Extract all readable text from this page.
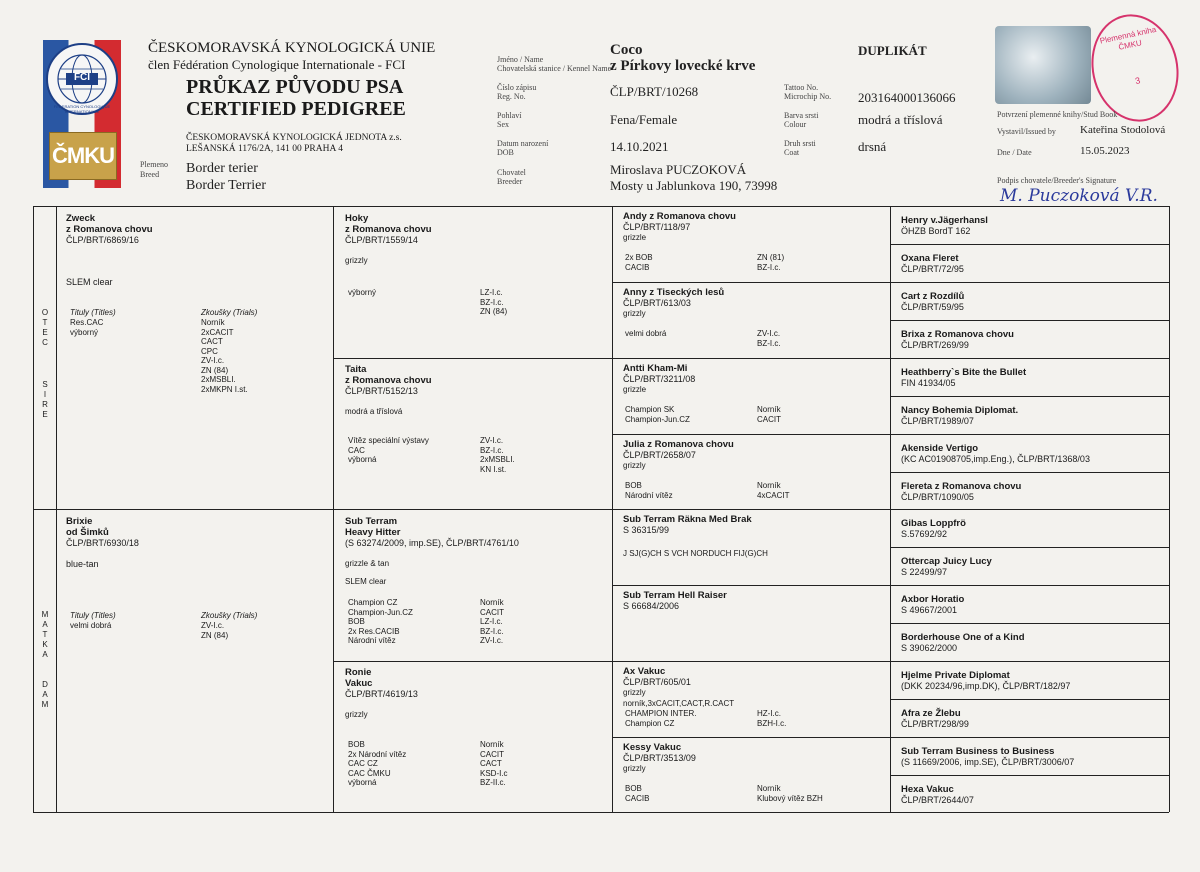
FCI
FEDERATION CYNOLOGIQUE INTERNATIONALE
ČMKU
ČESKOMORAVSKÁ KYNOLOGICKÁ UNIE
člen Fédération Cynologique Internationale - FCI
PRŮKAZ PŮVODU PSA
CERTIFIED PEDIGREE
ČESKOMORAVSKÁ KYNOLOGICKÁ JEDNOTA z.s.
LEŠANSKÁ 1176/2A, 141 00 PRAHA 4
Plemeno
Breed Border terier
Border Terrier
Jméno / Name
Chovatelská stanice / Kennel Name
Coco
z Pírkovy lovecké krve
DUPLIKÁT
Číslo zápisu
Reg. No.	ČLP/BRT/10268	Tattoo No.
Microchip No. 203164000136066
Pohlaví
Sex	Fena/Female	Barva srsti
Colour	modrá a tříslová
Datum narození
DOB	14.10.2021	Druh srsti
Coat	drsná
Chovatel
Breeder
Miroslava PUCZOKOVÁ
Mosty u Jablunkova 190, 73998
Plemenná kniha ČMKU
3
Potvrzení plemenné knihy/Stud Book
Vystavil/Issued by Kateřina Stodolová
Dne / Date	15.05.2023
Podpis chovatele/Breeder's Signature
M. Puczoková V.R.
O T E C
S I R E
M A T K A
D A M
Zweck
z Romanova chovu
ČLP/BRT/6869/16
SLEM clear
Tituly (Titles)	Zkoušky (Trials)
Res.CAC
výborný
Norník
2xCACIT
CACT
CPC
ZV-I.c.
ZN (84)
2xMSBLI.
2xMKPN I.st.
Brixie
od Šimků
ČLP/BRT/6930/18
blue-tan
Tituly (Titles)	Zkoušky (Trials)
velmi dobrá	ZV-I.c.
ZN (84)
Hoky
z Romanova chovu
ČLP/BRT/1559/14
grizzly
výborný	LZ-I.c.
BZ-I.c.
ZN (84)
Taita
z Romanova chovu
ČLP/BRT/5152/13
modrá a tříslová
Vítěz speciální výstavy
CAC
výborná
ZV-I.c.
BZ-I.c.
2xMSBLI.
KN I.st.
Sub Terram
Heavy Hitter
(S 63274/2009, imp.SE), ČLP/BRT/4761/10
grizzle & tan
SLEM clear
Champion CZ
Champion-Jun.CZ
BOB
2x Res.CACIB
Národní vítěz
Norník
CACIT
LZ-I.c.
BZ-I.c.
ZV-I.c.
Ronie
Vakuc
ČLP/BRT/4619/13
grizzly
BOB
2x Národní vítěz
CAC CZ
CAC ČMKU
výborná
Norník
CACIT
CACT
KSD-I.c
BZ-II.c.
Andy z Romanova chovu
ČLP/BRT/118/97
grizzle
2x BOB
CACIB
ZN (81)
BZ-I.c.
Anny z Tiseckých lesů
ČLP/BRT/613/03
grizzly
velmi dobrá	ZV-I.c.
BZ-I.c.
Antti Kham-Mi
ČLP/BRT/3211/08
grizzle
Champion SK
Champion-Jun.CZ
Norník
CACIT
Julia z Romanova chovu
ČLP/BRT/2658/07
grizzly
BOB
Národní vítěz
Norník
4xCACIT
Sub Terram Räkna Med Brak
S 36315/99
J SJ(G)CH S VCH NORDUCH FIJ(G)CH
Sub Terram Hell Raiser
S 66684/2006
Ax Vakuc
ČLP/BRT/605/01
grizzly
norník,3xCACIT,CACT,R.CACT
CHAMPION INTER.
Champion CZ
HZ-I.c.
BZH-I.c.
Kessy Vakuc
ČLP/BRT/3513/09
grizzly
BOB
CACIB
Norník
Klubový vítěz BZH
Henry v.Jägerhansl
ÖHZB BordT 162
Oxana Fleret
ČLP/BRT/72/95
Cart z Rozdílů
ČLP/BRT/59/95
Brixa z Romanova chovu
ČLP/BRT/269/99
Heathberry`s Bite the Bullet
FIN 41934/05
Nancy Bohemia Diplomat.
ČLP/BRT/1989/07
Akenside Vertigo
(KC AC01908705,imp.Eng.), ČLP/BRT/1368/03
Flereta z Romanova chovu
ČLP/BRT/1090/05
Gibas Loppfrö
S.57692/92
Ottercap Juicy Lucy
S 22499/97
Axbor Horatio
S 49667/2001
Borderhouse One of a Kind
S 39062/2000
Hjelme Private Diplomat
(DKK 20234/96,imp.DK), ČLP/BRT/182/97
Afra ze Žlebu
ČLP/BRT/298/99
Sub Terram Business to Business
(S 11669/2006, imp.SE), ČLP/BRT/3006/07
Hexa Vakuc
ČLP/BRT/2644/07
